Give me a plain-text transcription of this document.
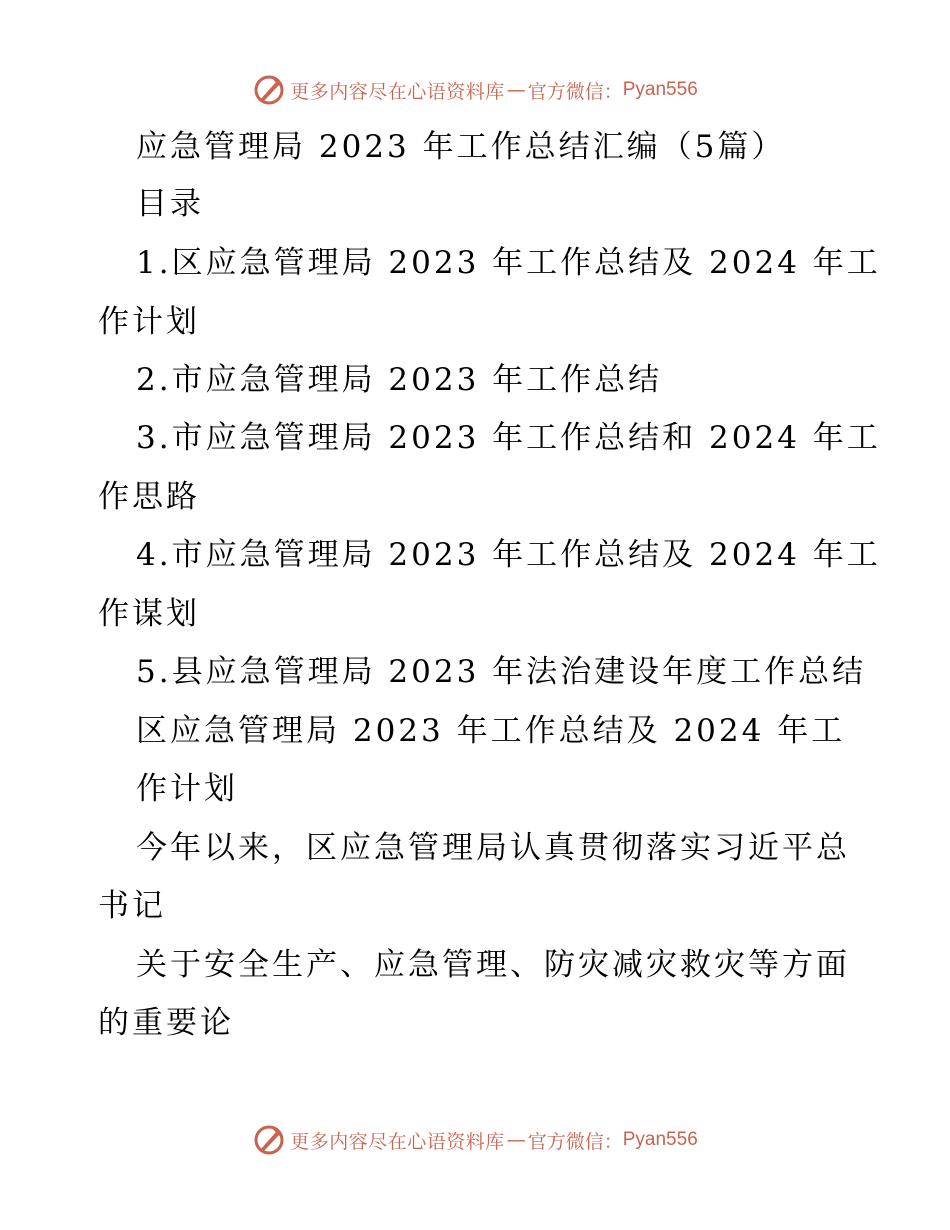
更多内容尽在心语资料库 — 官方微信： Pyan556
应急管理局 2023 年工作总结汇编（5篇）
目录
1.区应急管理局 2023 年工作总结及 2024 年工
作计划
2.市应急管理局 2023 年工作总结
3.市应急管理局 2023 年工作总结和 2024 年工
作思路
4.市应急管理局 2023 年工作总结及 2024 年工
作谋划
5.县应急管理局 2023 年法治建设年度工作总结
区应急管理局 2023 年工作总结及 2024 年工
作计划
今年以来，区应急管理局认真贯彻落实习近平总
书记
关于安全生产、应急管理、防灾减灾救灾等方面
的重要论
更多内容尽在心语资料库 — 官方微信： Pyan556
